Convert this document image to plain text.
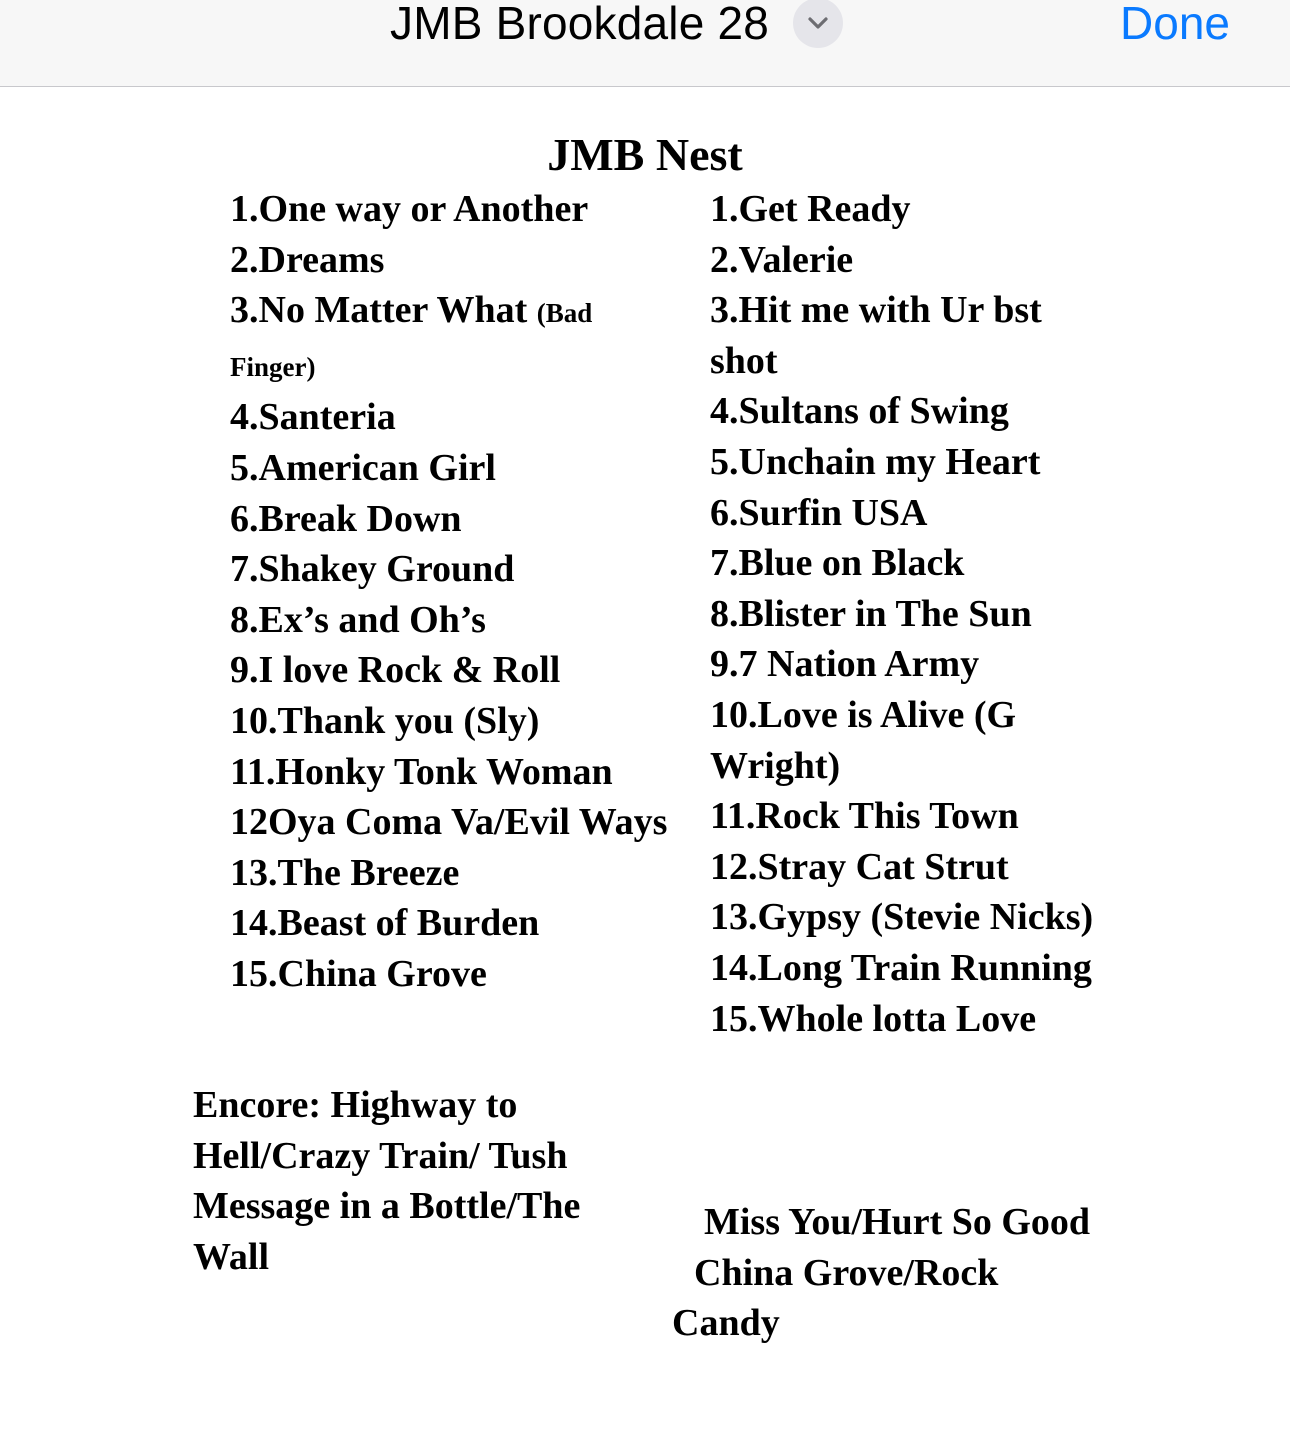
JMB Brookdale 28	Done
JMB Nest

1.One way or Another

2.Dreams

3.No Matter What (Bad Finger)

4.Santeria

5.American Girl

6.Break Down

7.Shakey Ground

8.Ex’s and Oh’s

9.I love Rock & Roll

10.Thank you (Sly)

11.Honky Tonk Woman

12Oya Coma Va/Evil Ways

13.The Breeze

14.Beast of Burden

15.China Grove

1.Get Ready

2.Valerie

3.Hit me with Ur bst shot

4.Sultans of Swing

5.Unchain my Heart

6.Surfin USA

7.Blue on Black

8.Blister in The Sun

9.7 Nation Army

10.Love is Alive (G Wright)

11.Rock This Town

12.Stray Cat Strut

13.Gypsy (Stevie Nicks)

14.Long Train Running

15.Whole lotta Love

Encore: Highway to Hell/Crazy Train/ Tush Message in a Bottle/The Wall

Miss You/Hurt So Good

China Grove/Rock Candy
